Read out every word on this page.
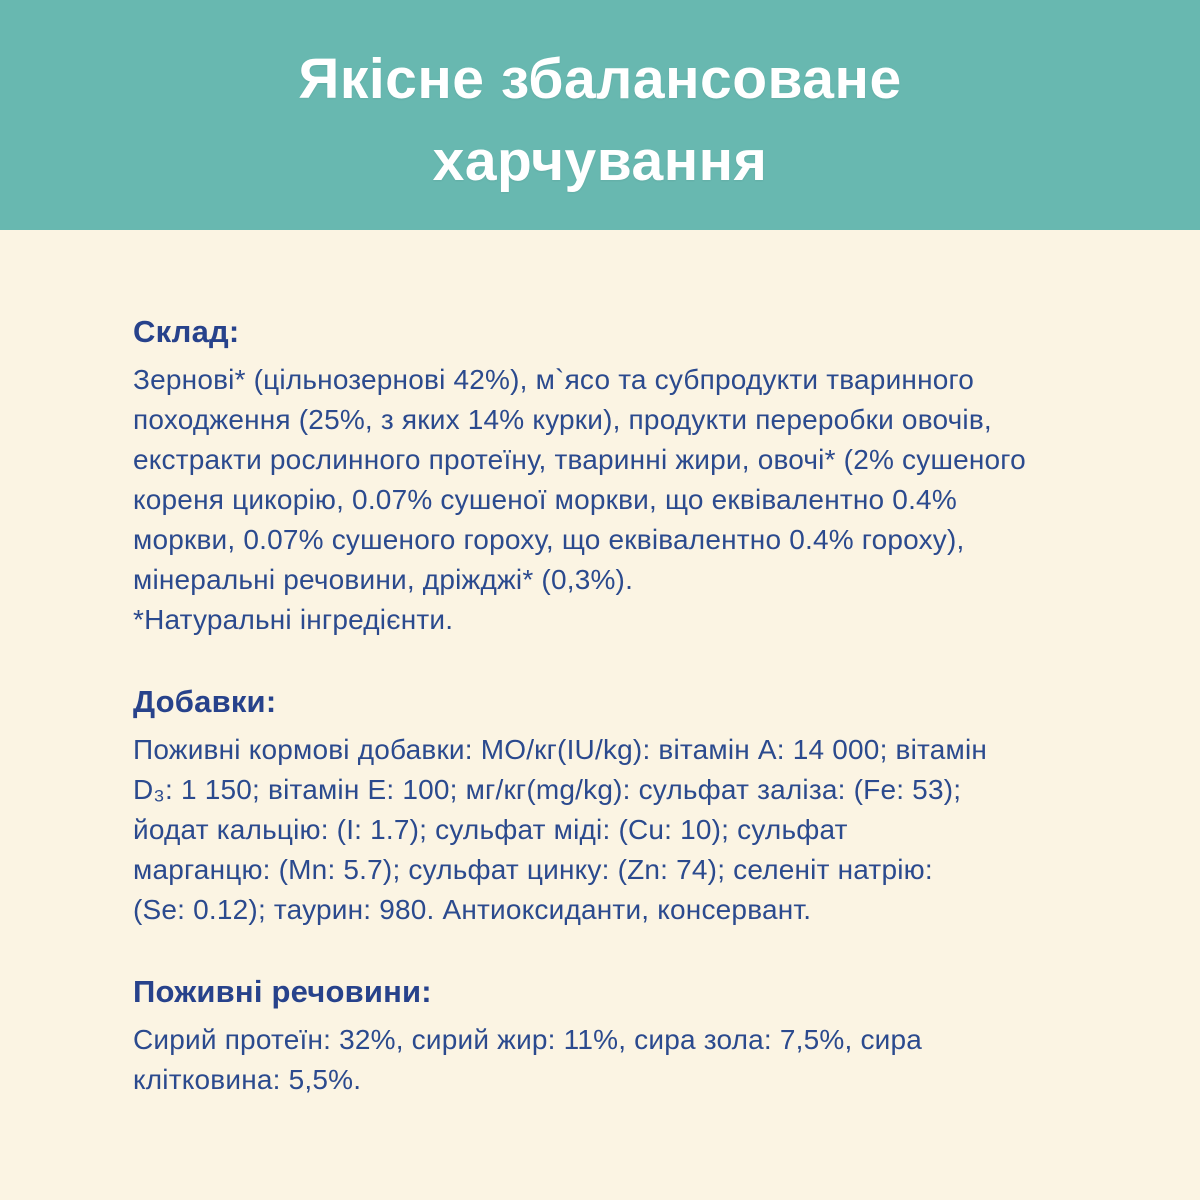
Якісне збалансоване
харчування
Склад:
Зернові* (цільнозернові 42%), м`ясо та субпродукти тваринного
походження (25%, з яких 14% курки), продукти переробки овочів,
екстракти рослинного протеїну, тваринні жири, овочі* (2% сушеного
кореня цикорію, 0.07% сушеної моркви, що еквівалентно 0.4%
моркви, 0.07% сушеного гороху, що еквівалентно 0.4% гороху),
мінеральні речовини, дріжджі* (0,3%).
*Натуральні інгредієнти.
Добавки:
Поживні кормові добавки: МО/кг(IU/kg): вітамін A: 14 000; вітамін
D₃: 1 150; вітамін E: 100; мг/кг(mg/kg): сульфат заліза: (Fe: 53);
йодат кальцію: (I: 1.7); сульфат міді: (Cu: 10); сульфат
марганцю: (Mn: 5.7); сульфат цинку: (Zn: 74); селеніт натрію:
(Se: 0.12); таурин: 980. Антиоксиданти, консервант.
Поживні речовини:
Сирий протеїн: 32%, сирий жир: 11%, сира зола: 7,5%, сира
клітковина: 5,5%.
